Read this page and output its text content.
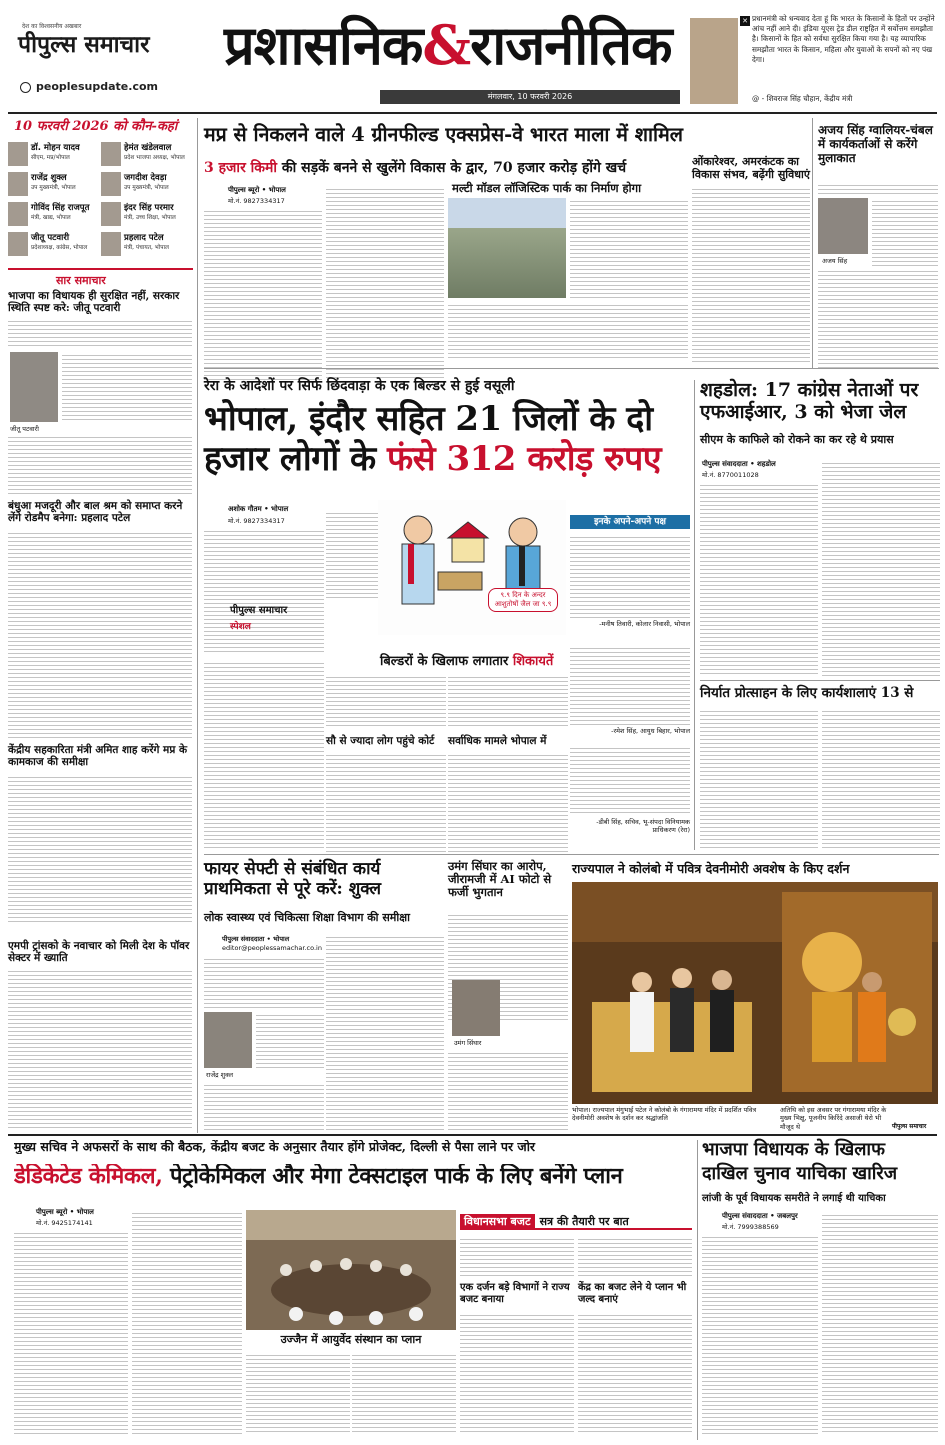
देश का विश्वसनीय अखबार
पीपुल्स समाचार
peoplesupdate.com
प्रशासनिक&राजनीतिक
मंगलवार, 10 फरवरी 2026
✕ प्रधानमंत्री को धन्यवाद देता हूं कि भारत के किसानों के हितों पर उन्होंने आंच नहीं आने दी। इंडिया यूएस ट्रेड डील राष्ट्रहित में सर्वोत्तम समझौता है। किसानों के हित को सर्वथा सुरक्षित किया गया है। यह व्यापारिक समझौता भारत के किसान, महिला और युवाओं के सपनों को नए पंख देगा।
@ - शिवराज सिंह चौहान, केंद्रीय मंत्री
10 फरवरी 2026 को कौन-कहां
डॉ. मोहन यादव
सीएम, मप्र/भोपाल
हेमंत खंडेलवाल
प्रदेश भाजपा अध्यक्ष, भोपाल
राजेंद्र शुक्ल
उप मुख्यमंत्री, भोपाल
जगदीश देवड़ा
उप मुख्यमंत्री, भोपाल
गोविंद सिंह राजपूत
मंत्री, खाद्य, भोपाल
इंदर सिंह परमार
मंत्री, उच्च शिक्षा, भोपाल
जीतू पटवारी
प्रदेशाध्यक्ष, कांग्रेस, भोपाल
प्रहलाद पटेल
मंत्री, पंचायत, भोपाल
सार समाचार
भाजपा का विधायक ही सुरक्षित नहीं, सरकार स्थिति स्पष्ट करे: जीतू पटवारी
जीतू पटवारी
बंधुआ मजदूरी और बाल श्रम को समाप्त करने लेंगे रोडमैप बनेगा: प्रहलाद पटेल
केंद्रीय सहकारिता मंत्री अमित शाह करेंगे मप्र के कामकाज की समीक्षा
एमपी ट्रांसको के नवाचार को मिली देश के पॉवर सेक्टर में ख्याति
मप्र से निकलने वाले 4 ग्रीनफील्ड एक्सप्रेस-वे भारत माला में शामिल
3 हजार किमी की सड़कें बनने से खुलेंगे विकास के द्वार, 70 हजार करोड़ होंगे खर्च
पीपुल्स ब्यूरो • भोपाल
मो.नं. 9827334317
मल्टी मॉडल लॉजिस्टिक पार्क का निर्माण होगा
ओंकारेश्वर, अमरकंटक का विकास संभव, बढ़ेंगी सुविधाएं
अजय सिंह ग्वालियर-चंबल में कार्यकर्ताओं से करेंगे मुलाकात
अजय सिंह
रेरा के आदेशों पर सिर्फ छिंदवाड़ा के एक बिल्डर से हुई वसूली
भोपाल, इंदौर सहित 21 जिलों के दो
हजार लोगों के फंसे 312 करोड़ रुपए
अशोक गौतम • भोपाल
मो.नं. 9827334317
पीपुल्स समाचार
स्पेशल
९.९ दिन के अन्दर आशुतोषों जैल जा ९.९
इनके अपने-अपने पक्ष
-मनीष तिवारी, कोलार निवासी, भोपाल
-रमेश सिंह, आयुध बिहार, भोपाल
बिल्डरों के खिलाफ लगातार शिकायतें
सौ से ज्यादा लोग पहुंचे कोर्ट	सर्वाधिक मामले भोपाल में
-डीबी सिंह, सचिव, भू-संपदा विनियामक प्राधिकरण (रेरा)
शहडोल: 17 कांग्रेस नेताओं पर एफआईआर, 3 को भेजा जेल
सीएम के काफिले को रोकने का कर रहे थे प्रयास
पीपुल्स संवाददाता • शहडोल
मो.नं. 8770011028
निर्यात प्रोत्साहन के लिए कार्यशालाएं 13 से
फायर सेफ्टी से संबंधित कार्य प्राथमिकता से पूरे करें: शुक्ल
लोक स्वास्थ्य एवं चिकित्सा शिक्षा विभाग की समीक्षा
पीपुल्स संवाददाता • भोपाल
editor@peoplessamachar.co.in
राजेंद्र शुक्ल
उमंग सिंघार का आरोप, जीरामजी में AI फोटो से फर्जी भुगतान
उमंग सिंघार
राज्यपाल ने कोलंबो में पवित्र देवनीमोरी अवशेष के किए दर्शन
भोपाल। राज्यपाल मंगुभाई पटेल ने कोलंबो के गंगारामया मंदिर में प्रदर्शित पवित्र देवनीमोरी अवशेष के दर्शन कर श्रद्धांजलि
अतिथि को इस अवसर पर गंगारामया मंदिर के मुख्य भिक्षु, पूजनीय किरिंदे असाजी थेरो भी मौजूद थे	पीपुल्स समाचार
मुख्य सचिव ने अफसरों के साथ की बैठक, केंद्रीय बजट के अनुसार तैयार होंगे प्रोजेक्ट, दिल्ली से पैसा लाने पर जोर
डेडिकेटेड केमिकल, पेट्रोकेमिकल और मेगा टेक्सटाइल पार्क के लिए बनेंगे प्लान
पीपुल्स ब्यूरो • भोपाल
मो.नं. 9425174141
उज्जैन में आयुर्वेद संस्थान का प्लान
विधानसभा बजट सत्र की तैयारी पर बात
एक दर्जन बड़े विभागों ने राज्य बजट बनाया
केंद्र का बजट लेने ये प्लान भी जल्द बनाएं
भाजपा विधायक के खिलाफ
दाखिल चुनाव याचिका खारिज
लांजी के पूर्व विधायक समरीते ने लगाई थी याचिका
पीपुल्स संवाददाता • जबलपुर
मो.नं. 7999388569
